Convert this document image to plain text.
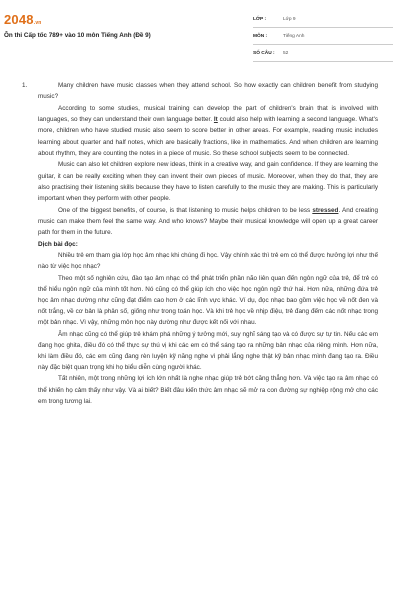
2048.vn
Ôn thi Cấp tốc 789+ vào 10 môn Tiếng Anh (Đề 9)
LỚP :	Lớp 9
MÔN :	Tiếng Anh
SỐ CÂU : 52
1.	Many children have music classes when they attend school. So how exactly can children benefit from studying music?

According to some studies, musical training can develop the part of children's brain that is involved with languages, so they can understand their own language better. It could also help with learning a second language. What's more, children who have studied music also seem to score better in other areas. For example, reading music includes learning about quarter and half notes, which are basically fractions, like in mathematics. And when children are learning about rhythm, they are counting the notes in a piece of music. So these school subjects seem to be connected.

Music can also let children explore new ideas, think in a creative way, and gain confidence. If they are learning the guitar, it can be really exciting when they can invent their own pieces of music. Moreover, when they do that, they are also practising their listening skills because they have to listen carefully to the music they are making. This is particularly important when they perform with other people.

One of the biggest benefits, of course, is that listening to music helps children to be less stressed. And creating music can make them feel the same way. And who knows? Maybe their musical knowledge will open up a great career path for them in the future.

Dịch bài đọc:

Nhiều trẻ em tham gia lớp học âm nhạc khi chúng đi học. Vậy chính xác thì trẻ em có thể được hưởng lợi như thế nào từ việc học nhạc?

Theo một số nghiên cứu, đào tạo âm nhạc có thể phát triển phần não liên quan đến ngôn ngữ của trẻ, để trẻ có thể hiểu ngôn ngữ của mình tốt hơn. Nó cũng có thể giúp ích cho việc học ngôn ngữ thứ hai. Hơn nữa, những đứa trẻ học âm nhạc dường như cũng đạt điểm cao hơn ở các lĩnh vực khác. Ví dụ, đọc nhạc bao gồm việc học về nốt đen và nốt trắng, về cơ bản là phân số, giống như trong toán học. Và khi trẻ học về nhịp điệu, trẻ đang đếm các nốt nhạc trong một bản nhạc. Vì vậy, những môn học này dường như được kết nối với nhau.

Âm nhạc cũng có thể giúp trẻ khám phá những ý tưởng mới, suy nghĩ sáng tạo và có được sự tự tin. Nếu các em đang học ghita, điều đó có thể thực sự thú vị khi các em có thể sáng tạo ra những bản nhạc của riêng mình. Hơn nữa, khi làm điều đó, các em cũng đang rèn luyện kỹ năng nghe vì phải lắng nghe thật kỹ bản nhạc mình đang tạo ra. Điều này đặc biệt quan trọng khi họ biểu diễn cùng người khác.

Tất nhiên, một trong những lợi ích lớn nhất là nghe nhạc giúp trẻ bớt căng thẳng hơn. Và việc tạo ra âm nhạc có thể khiến họ cảm thấy như vậy. Và ai biết? Biết đâu kiến thức âm nhạc sẽ mở ra con đường sự nghiệp rộng mở cho các em trong tương lai.
